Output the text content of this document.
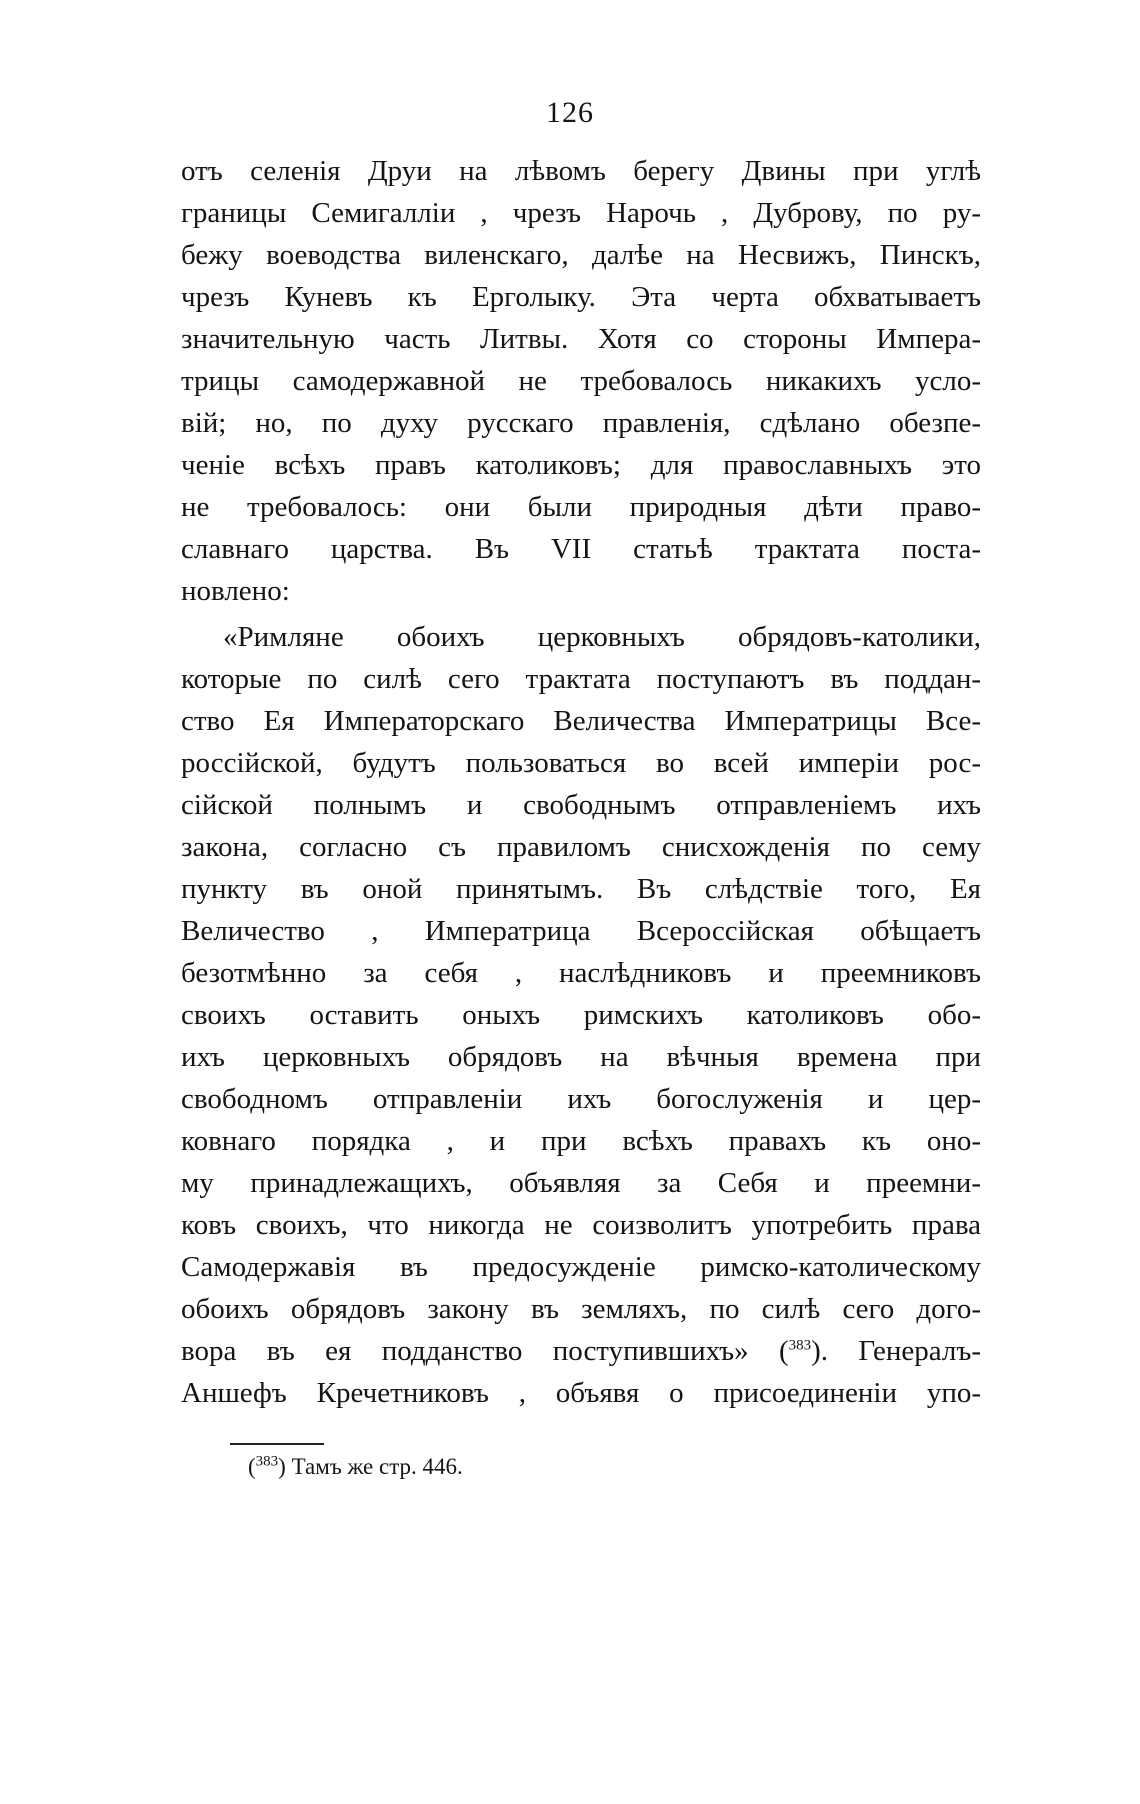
126
отъ селенія Друи на лѣвомъ берегу Двины при углѣ
границы Семигалліи , чрезъ Нарочь , Дуброву, по ру-
бежу воеводства виленскаго, далѣе на Несвижъ, Пинскъ,
чрезъ Куневъ къ Ерголыку. Эта черта обхватываетъ
значительную часть Литвы. Хотя со стороны Импера-
трицы самодержавной не требовалось никакихъ усло-
вій; но, по духу русскаго правленія, сдѣлано обезпе-
ченіе всѣхъ правъ католиковъ; для православныхъ это
не требовалось: они были природныя дѣти право-
славнаго царства. Въ VII статьѣ трактата поста-
новлено:
«Римляне обоихъ церковныхъ обрядовъ-католики,
которые по силѣ сего трактата поступаютъ въ поддан-
ство Ея Императорскаго Величества Императрицы Все-
россійской, будутъ пользоваться во всей имперіи рос-
сійской полнымъ и свободнымъ отправленіемъ ихъ
закона, согласно съ правиломъ снисхожденія по сему
пункту въ оной принятымъ. Въ слѣдствіе того, Ея
Величество , Императрица Всероссійская обѣщаетъ
безотмѣнно за себя , наслѣдниковъ и преемниковъ
своихъ оставить оныхъ римскихъ католиковъ обо-
ихъ церковныхъ обрядовъ на вѣчныя времена при
свободномъ отправленіи ихъ богослуженія и цер-
ковнаго порядка , и при всѣхъ правахъ къ оно-
му принадлежащихъ, объявляя за Себя и преемни-
ковъ своихъ, что никогда не соизволитъ употребить права
Самодержавія въ предосужденіе римско-католическому
обоихъ обрядовъ закону въ земляхъ, по силѣ сего дого-
вора въ ея подданство поступившихъ» ($^{383}$). Генералъ-
Аншефъ Кречетниковъ , объявя о присоединеніи упо-
($^{383}$) Тамъ же стр. 446.
